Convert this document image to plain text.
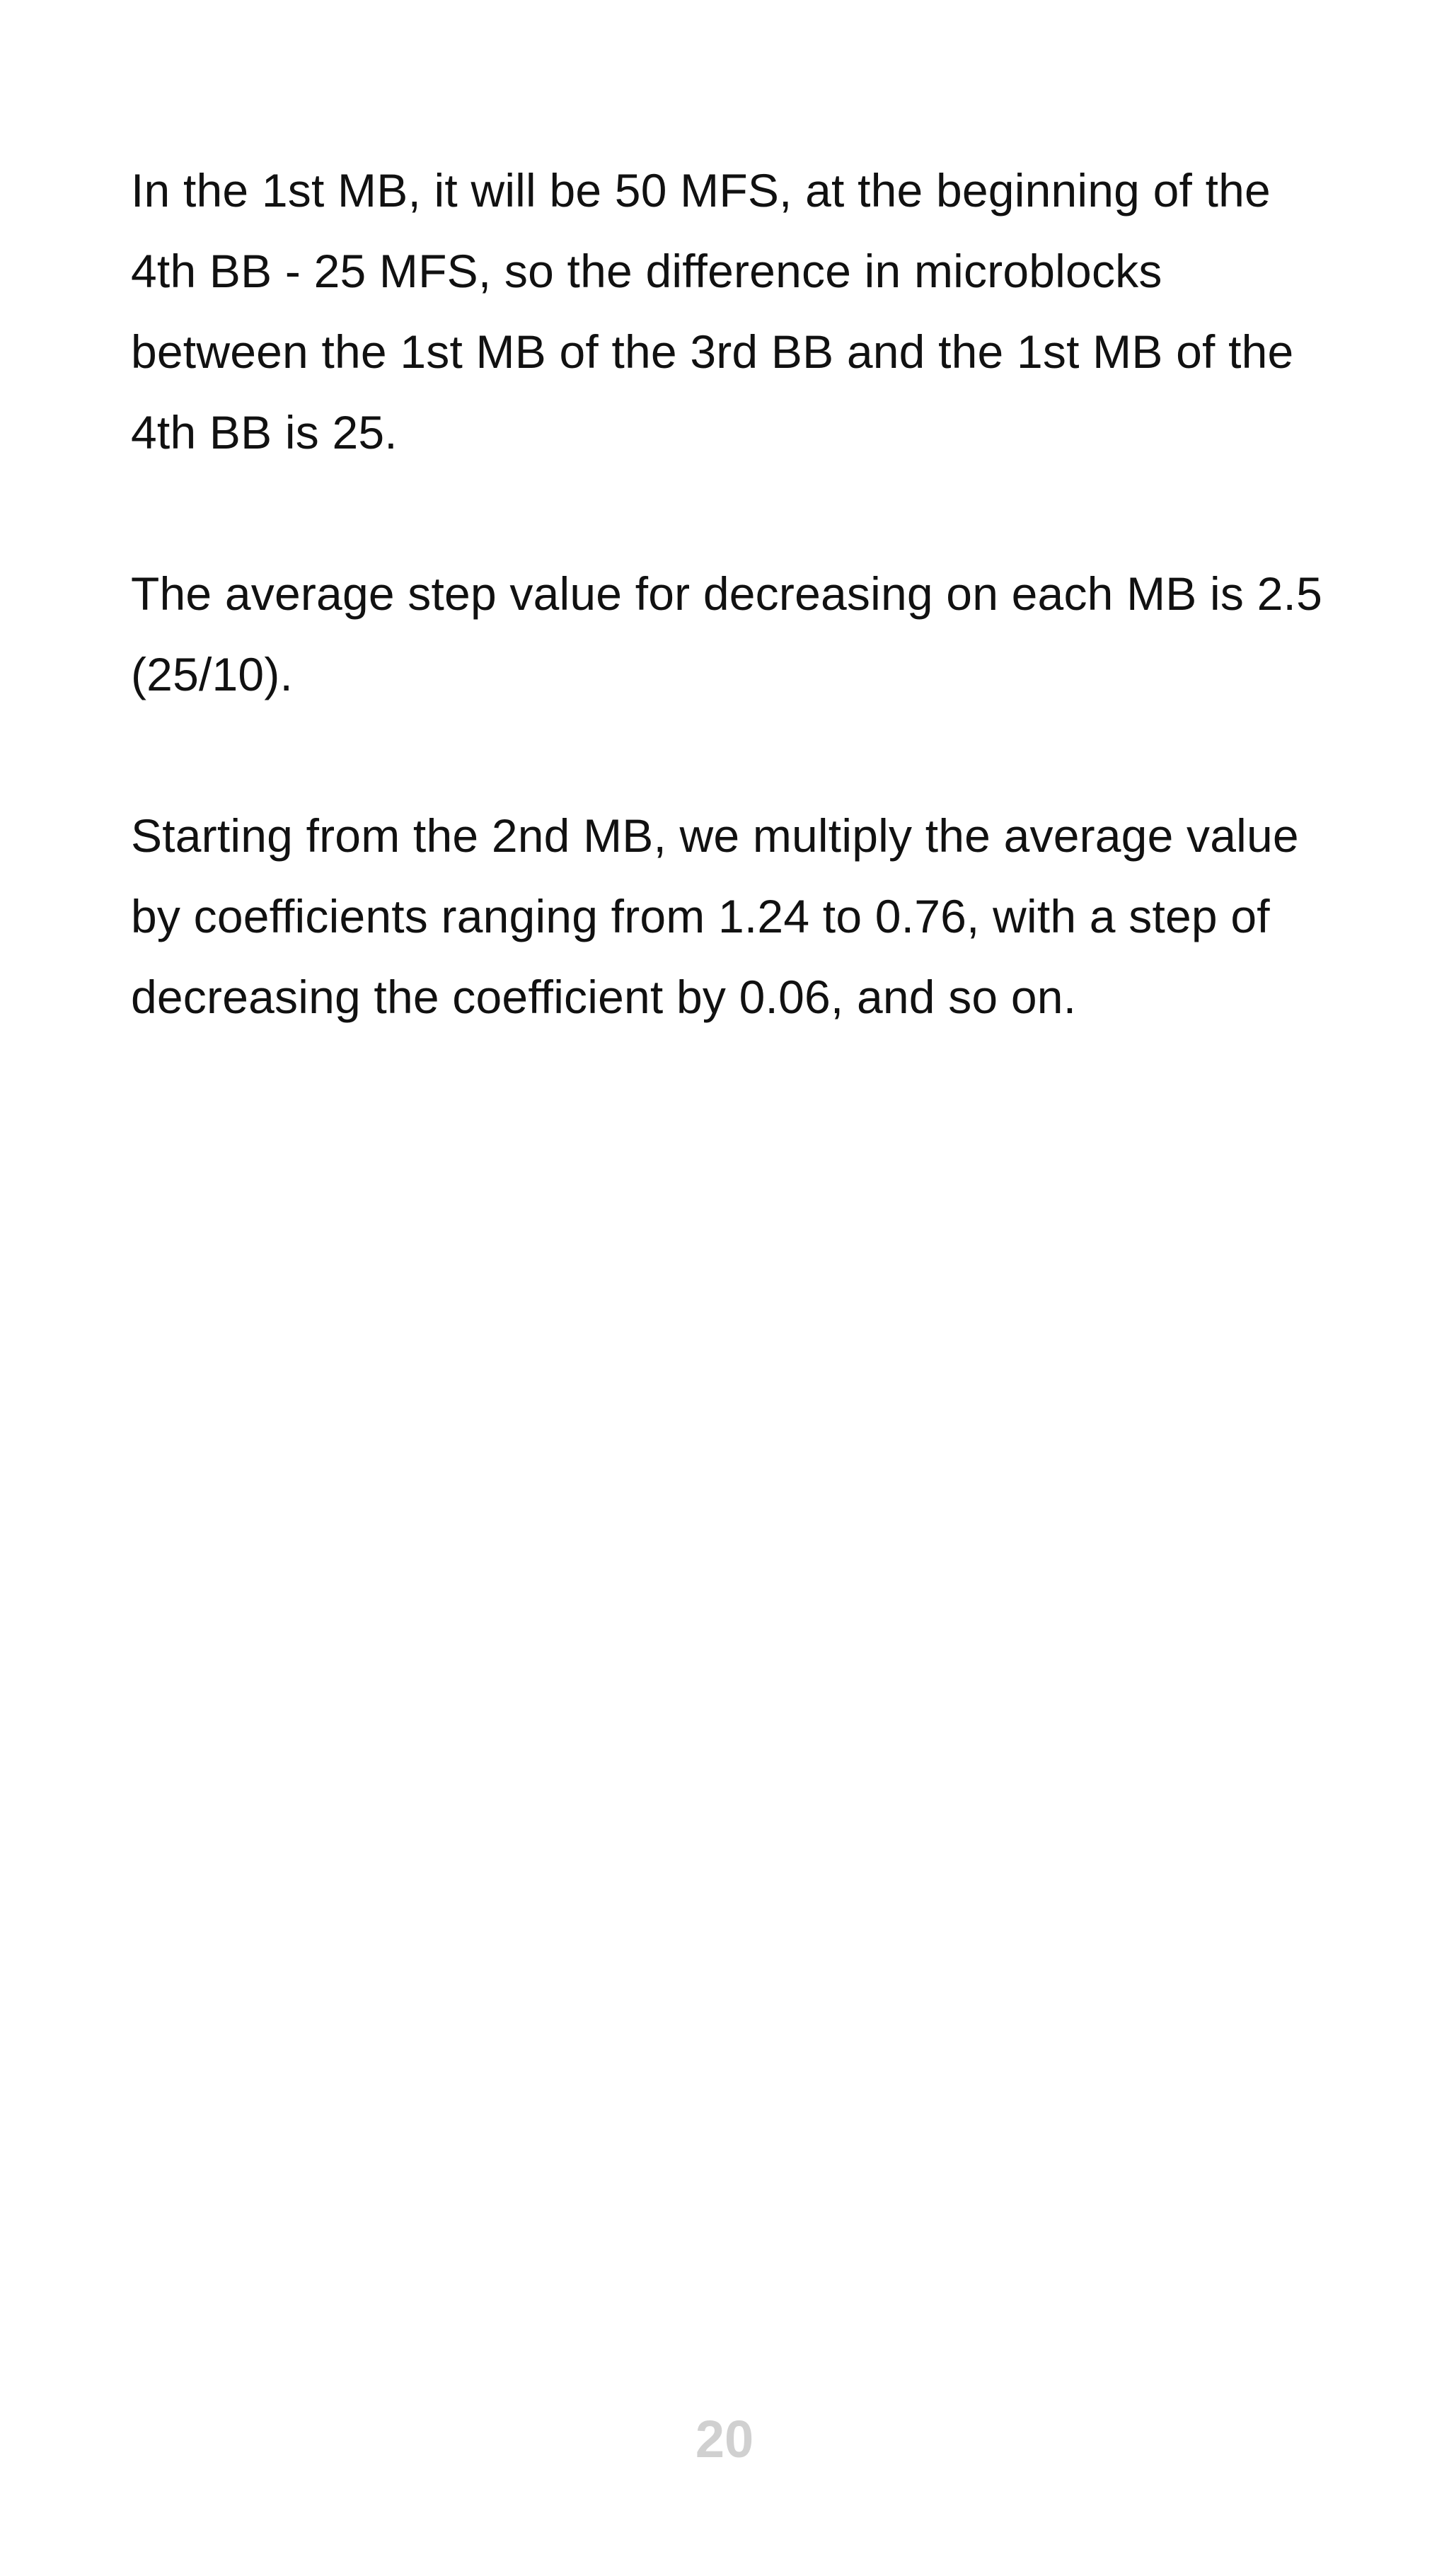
In the 1st MB, it will be 50 MFS, at the beginning of the 4th BB - 25 MFS, so the difference in microblocks between the 1st MB of the 3rd BB and the 1st MB of the 4th BB is 25.

The average step value for decreasing on each MB is 2.5 (25/10).

Starting from the 2nd MB, we multiply the average value by coefficients ranging from 1.24 to 0.76, with a step of decreasing the coefficient by 0.06, and so on.

20
